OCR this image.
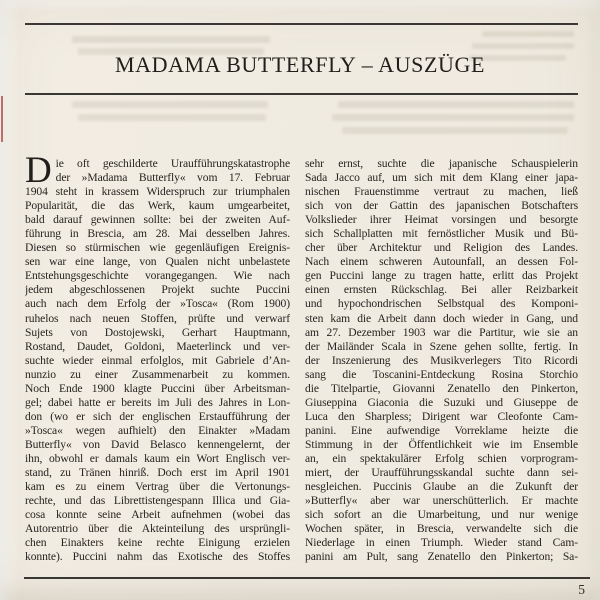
MADAMA BUTTERFLY – AUSZÜGE
D ie oft geschilderte Uraufführungskatastrophe
der »Madama Butterfly« vom 17. Februar
1904 steht in krassem Widerspruch zur triumphalen
Popularität, die das Werk, kaum umgearbeitet,
bald darauf gewinnen sollte: bei der zweiten Auf-
führung in Brescia, am 28. Mai desselben Jahres.
Diesen so stürmischen wie gegenläufigen Ereignis-
sen war eine lange, von Qualen nicht unbelastete
Entstehungsgeschichte vorangegangen. Wie nach
jedem abgeschlossenen Projekt suchte Puccini
auch nach dem Erfolg der »Tosca« (Rom 1900)
ruhelos nach neuen Stoffen, prüfte und verwarf
Sujets von Dostojewski, Gerhart Hauptmann,
Rostand, Daudet, Goldoni, Maeterlinck und ver-
suchte wieder einmal erfolglos, mit Gabriele d’An-
nunzio zu einer Zusammenarbeit zu kommen.
Noch Ende 1900 klagte Puccini über Arbeitsman-
gel; dabei hatte er bereits im Juli des Jahres in Lon-
don (wo er sich der englischen Erstaufführung der
»Tosca« wegen aufhielt) den Einakter »Madam
Butterfly« von David Belasco kennengelernt, der
ihn, obwohl er damals kaum ein Wort Englisch ver-
stand, zu Tränen hinriß. Doch erst im April 1901
kam es zu einem Vertrag über die Vertonungs-
rechte, und das Librettistengespann Illica und Gia-
cosa konnte seine Arbeit aufnehmen (wobei das
Autorentrio über die Akteinteilung des ursprüngli-
chen Einakters keine rechte Einigung erzielen
konnte). Puccini nahm das Exotische des Stoffes
sehr ernst, suchte die japanische Schauspielerin
Sada Jacco auf, um sich mit dem Klang einer japa-
nischen Frauenstimme vertraut zu machen, ließ
sich von der Gattin des japanischen Botschafters
Volkslieder ihrer Heimat vorsingen und besorgte
sich Schallplatten mit fernöstlicher Musik und Bü-
cher über Architektur und Religion des Landes.
Nach einem schweren Autounfall, an dessen Fol-
gen Puccini lange zu tragen hatte, erlitt das Projekt
einen ernsten Rückschlag. Bei aller Reizbarkeit
und hypochondrischen Selbstqual des Komponi-
sten kam die Arbeit dann doch wieder in Gang, und
am 27. Dezember 1903 war die Partitur, wie sie an
der Mailänder Scala in Szene gehen sollte, fertig. In
der Inszenierung des Musikverlegers Tito Ricordi
sang die Toscanini-Entdeckung Rosina Storchio
die Titelpartie, Giovanni Zenatello den Pinkerton,
Giuseppina Giaconia die Suzuki und Giuseppe de
Luca den Sharpless; Dirigent war Cleofonte Cam-
panini. Eine aufwendige Vorreklame heizte die
Stimmung in der Öffentlichkeit wie im Ensemble
an, ein spektakulärer Erfolg schien vorprogram-
miert, der Uraufführungsskandal suchte dann sei-
nesgleichen. Puccinis Glaube an die Zukunft der
»Butterfly« aber war unerschütterlich. Er machte
sich sofort an die Umarbeitung, und nur wenige
Wochen später, in Brescia, verwandelte sich die
Niederlage in einen Triumph. Wieder stand Cam-
panini am Pult, sang Zenatello den Pinkerton; Sa-
5
